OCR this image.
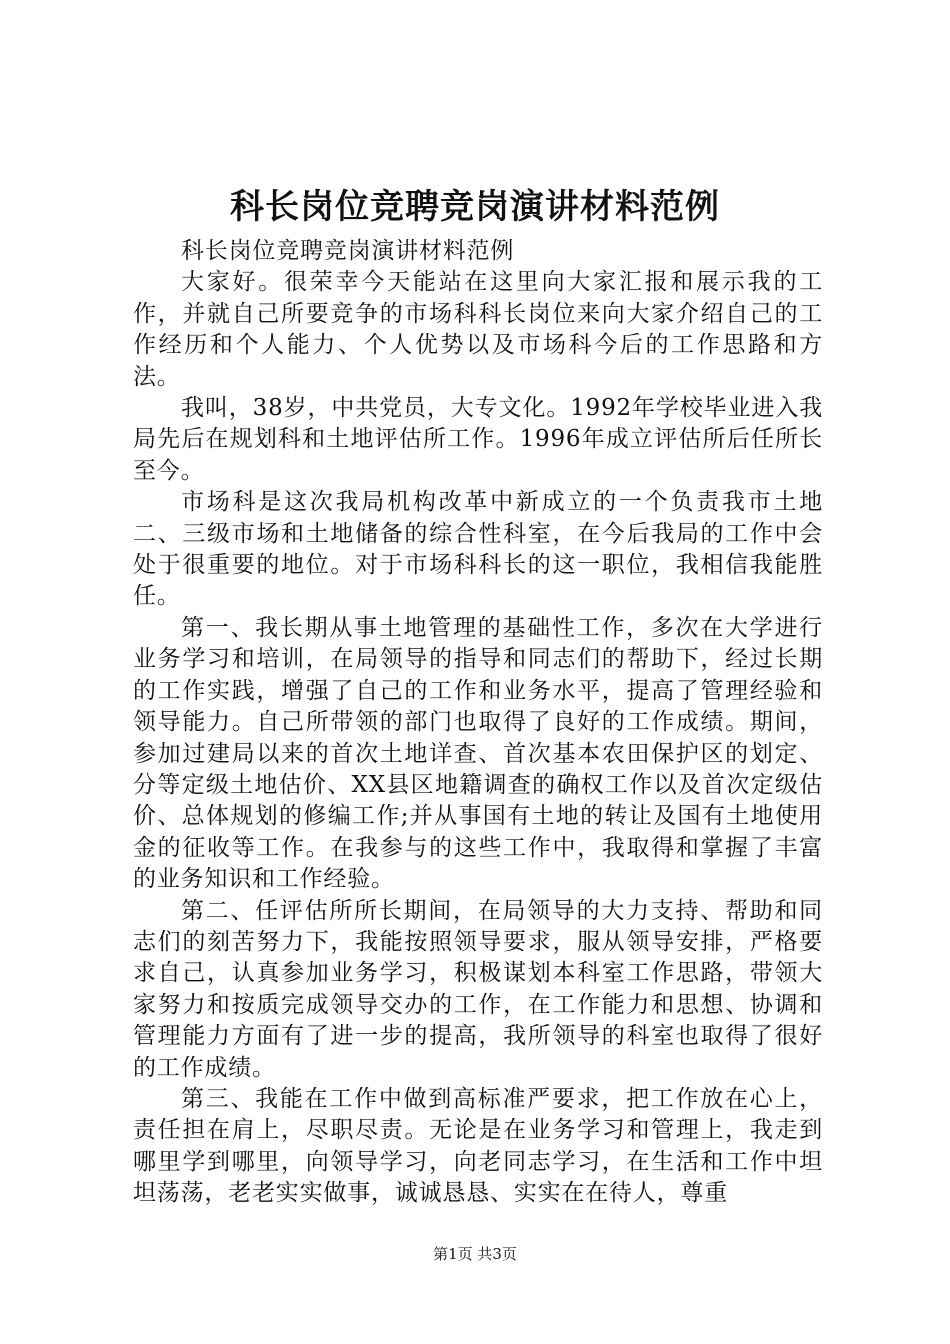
科长岗位竞聘竞岗演讲材料范例

科长岗位竞聘竞岗演讲材料范例

大家好。很荣幸今天能站在这里向大家汇报和展示我的工作，并就自己所要竞争的市场科科长岗位来向大家介绍自己的工作经历和个人能力、个人优势以及市场科今后的工作思路和方法。

我叫，38岁，中共党员，大专文化。1992年学校毕业进入我局先后在规划科和土地评估所工作。1996年成立评估所后任所长至今。

市场科是这次我局机构改革中新成立的一个负责我市土地二、三级市场和土地储备的综合性科室，在今后我局的工作中会处于很重要的地位。对于市场科科长的这一职位，我相信我能胜任。

第一、我长期从事土地管理的基础性工作，多次在大学进行业务学习和培训，在局领导的指导和同志们的帮助下，经过长期的工作实践，增强了自己的工作和业务水平，提高了管理经验和领导能力。自己所带领的部门也取得了良好的工作成绩。期间，参加过建局以来的首次土地详查、首次基本农田保护区的划定、分等定级土地估价、XX县区地籍调查的确权工作以及首次定级估价、总体规划的修编工作;并从事国有土地的转让及国有土地使用金的征收等工作。在我参与的这些工作中，我取得和掌握了丰富的业务知识和工作经验。

第二、任评估所所长期间，在局领导的大力支持、帮助和同志们的刻苦努力下，我能按照领导要求，服从领导安排，严格要求自己，认真参加业务学习，积极谋划本科室工作思路，带领大家努力和按质完成领导交办的工作，在工作能力和思想、协调和管理能力方面有了进一步的提高，我所领导的科室也取得了很好的工作成绩。

第三、我能在工作中做到高标准严要求，把工作放在心上，责任担在肩上，尽职尽责。无论是在业务学习和管理上，我走到哪里学到哪里，向领导学习，向老同志学习，在生活和工作中坦坦荡荡，老老实实做事，诚诚恳恳、实实在在待人，尊重

第1页 共3页
